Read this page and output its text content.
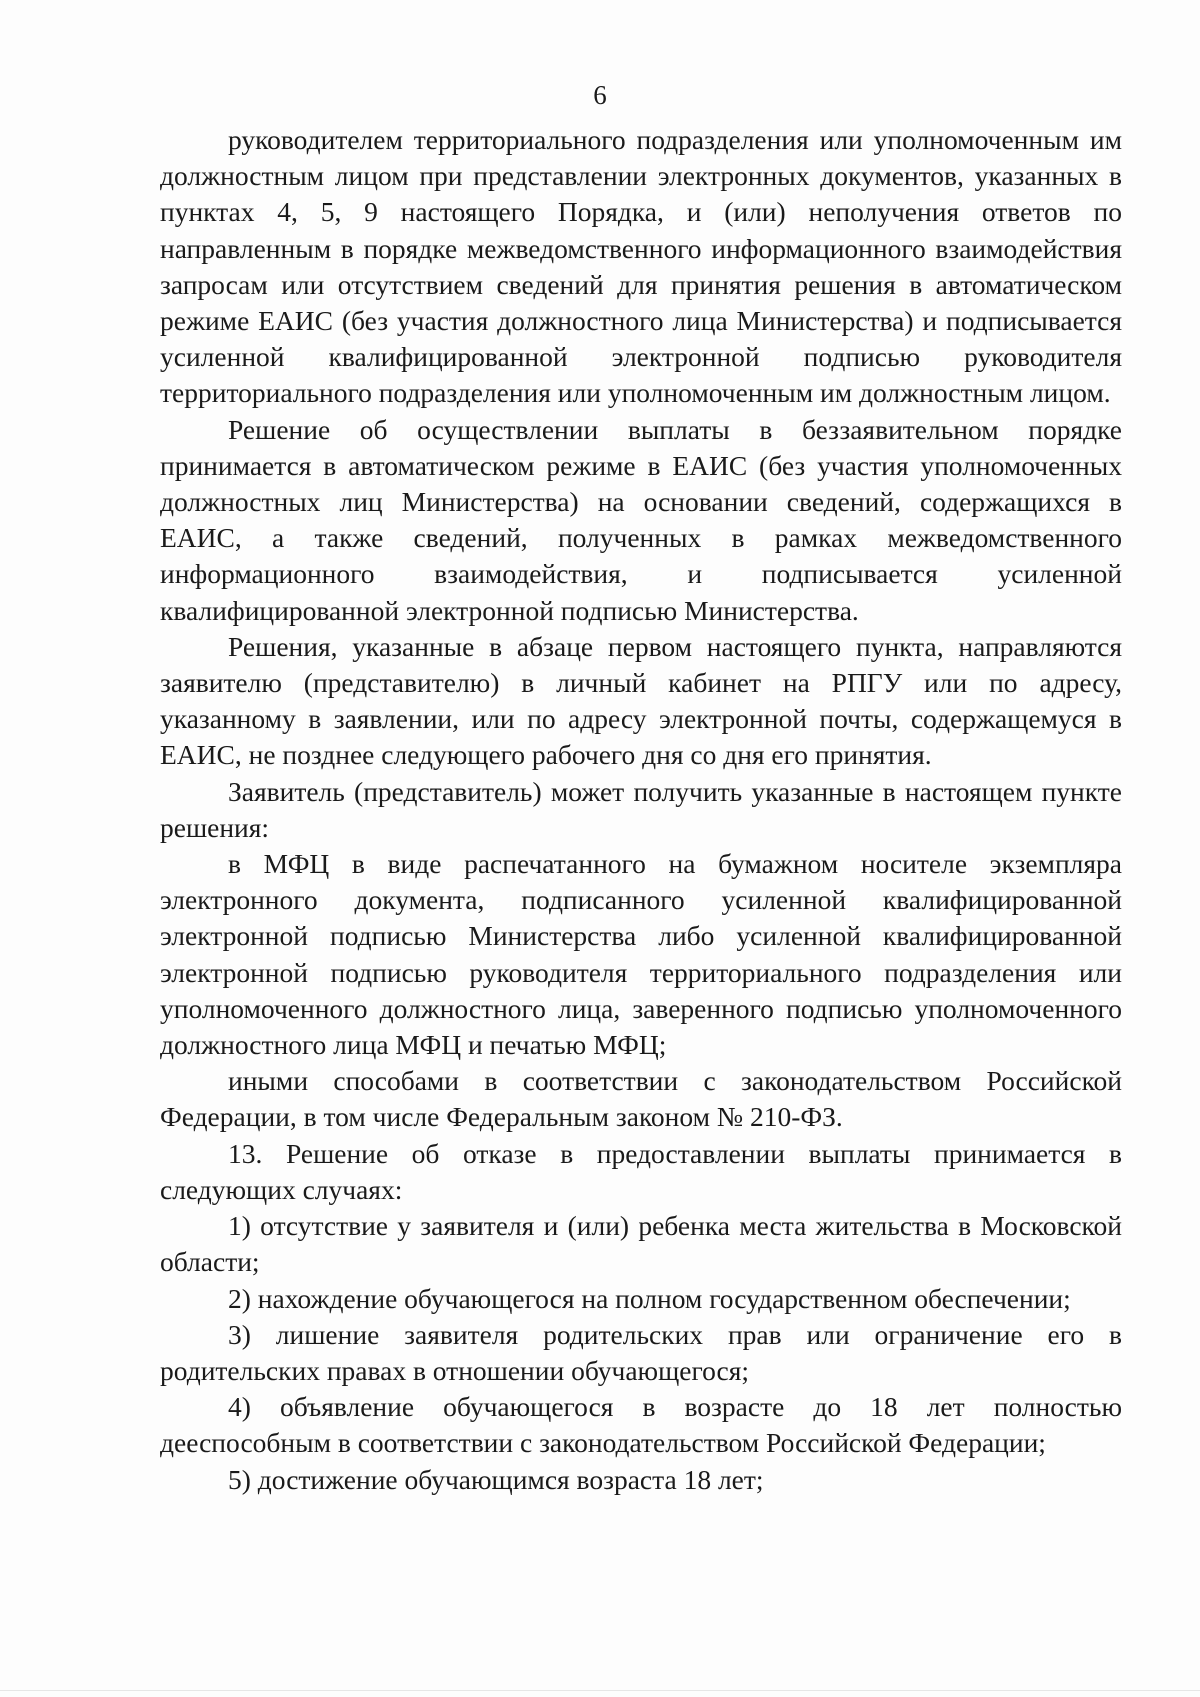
6

руководителем территориального подразделения или уполномоченным им должностным лицом при представлении электронных документов, указанных в пунктах 4, 5, 9 настоящего Порядка, и (или) неполучения ответов по направленным в порядке межведомственного информационного взаимодействия запросам или отсутствием сведений для принятия решения в автоматическом режиме ЕАИС (без участия должностного лица Министерства) и подписывается усиленной квалифицированной электронной подписью руководителя территориального подразделения или уполномоченным им должностным лицом.

Решение об осуществлении выплаты в беззаявительном порядке принимается в автоматическом режиме в ЕАИС (без участия уполномоченных должностных лиц Министерства) на основании сведений, содержащихся в ЕАИС, а также сведений, полученных в рамках межведомственного информационного взаимодействия, и подписывается усиленной квалифицированной электронной подписью Министерства.

Решения, указанные в абзаце первом настоящего пункта, направляются заявителю (представителю) в личный кабинет на РПГУ или по адресу, указанному в заявлении, или по адресу электронной почты, содержащемуся в ЕАИС, не позднее следующего рабочего дня со дня его принятия.

Заявитель (представитель) может получить указанные в настоящем пункте решения:

в МФЦ в виде распечатанного на бумажном носителе экземпляра электронного документа, подписанного усиленной квалифицированной электронной подписью Министерства либо усиленной квалифицированной электронной подписью руководителя территориального подразделения или уполномоченного должностного лица, заверенного подписью уполномоченного должностного лица МФЦ и печатью МФЦ;

иными способами в соответствии с законодательством Российской Федерации, в том числе Федеральным законом № 210-ФЗ.

13. Решение об отказе в предоставлении выплаты принимается в следующих случаях:

1) отсутствие у заявителя и (или) ребенка места жительства в Московской области;

2) нахождение обучающегося на полном государственном обеспечении;

3) лишение заявителя родительских прав или ограничение его в родительских правах в отношении обучающегося;

4) объявление обучающегося в возрасте до 18 лет полностью дееспособным в соответствии с законодательством Российской Федерации;

5) достижение обучающимся возраста 18 лет;
